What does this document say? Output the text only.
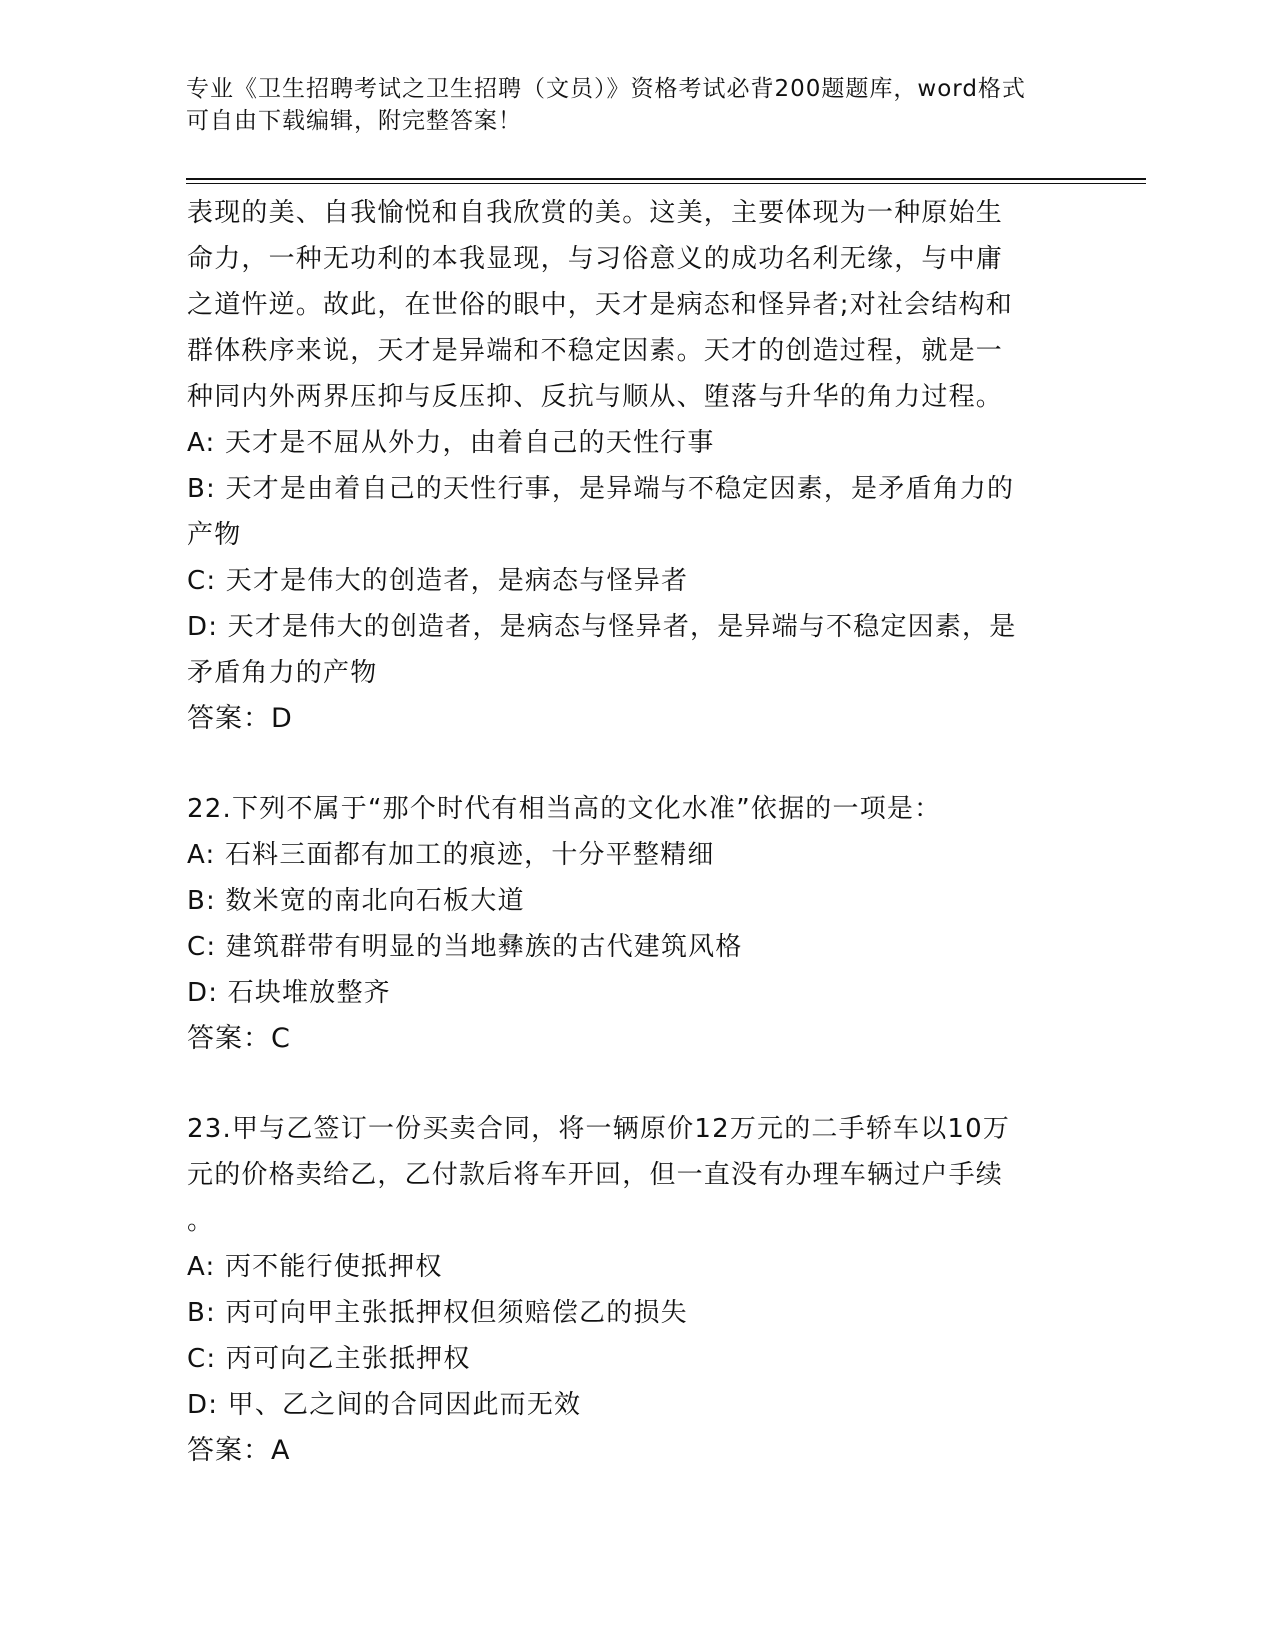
专业《卫生招聘考试之卫生招聘（文员）》资格考试必背200题题库，word格式
可自由下载编辑，附完整答案！
表现的美、自我愉悦和自我欣赏的美。这美，主要体现为一种原始生
命力，一种无功利的本我显现，与习俗意义的成功名利无缘，与中庸
之道忤逆。故此，在世俗的眼中，天才是病态和怪异者;对社会结构和
群体秩序来说，天才是异端和不稳定因素。天才的创造过程，就是一
种同内外两界压抑与反压抑、反抗与顺从、堕落与升华的角力过程。
A: 天才是不屈从外力，由着自己的天性行事
B: 天才是由着自己的天性行事，是异端与不稳定因素，是矛盾角力的
产物
C: 天才是伟大的创造者，是病态与怪异者
D: 天才是伟大的创造者，是病态与怪异者，是异端与不稳定因素，是
矛盾角力的产物
答案：D
22.下列不属于“那个时代有相当高的文化水准”依据的一项是：
A: 石料三面都有加工的痕迹，十分平整精细
B: 数米宽的南北向石板大道
C: 建筑群带有明显的当地彝族的古代建筑风格
D: 石块堆放整齐
答案：C
23.甲与乙签订一份买卖合同，将一辆原价12万元的二手轿车以10万
元的价格卖给乙，乙付款后将车开回，但一直没有办理车辆过户手续
。
A: 丙不能行使抵押权
B: 丙可向甲主张抵押权但须赔偿乙的损失
C: 丙可向乙主张抵押权
D: 甲、乙之间的合同因此而无效
答案：A
